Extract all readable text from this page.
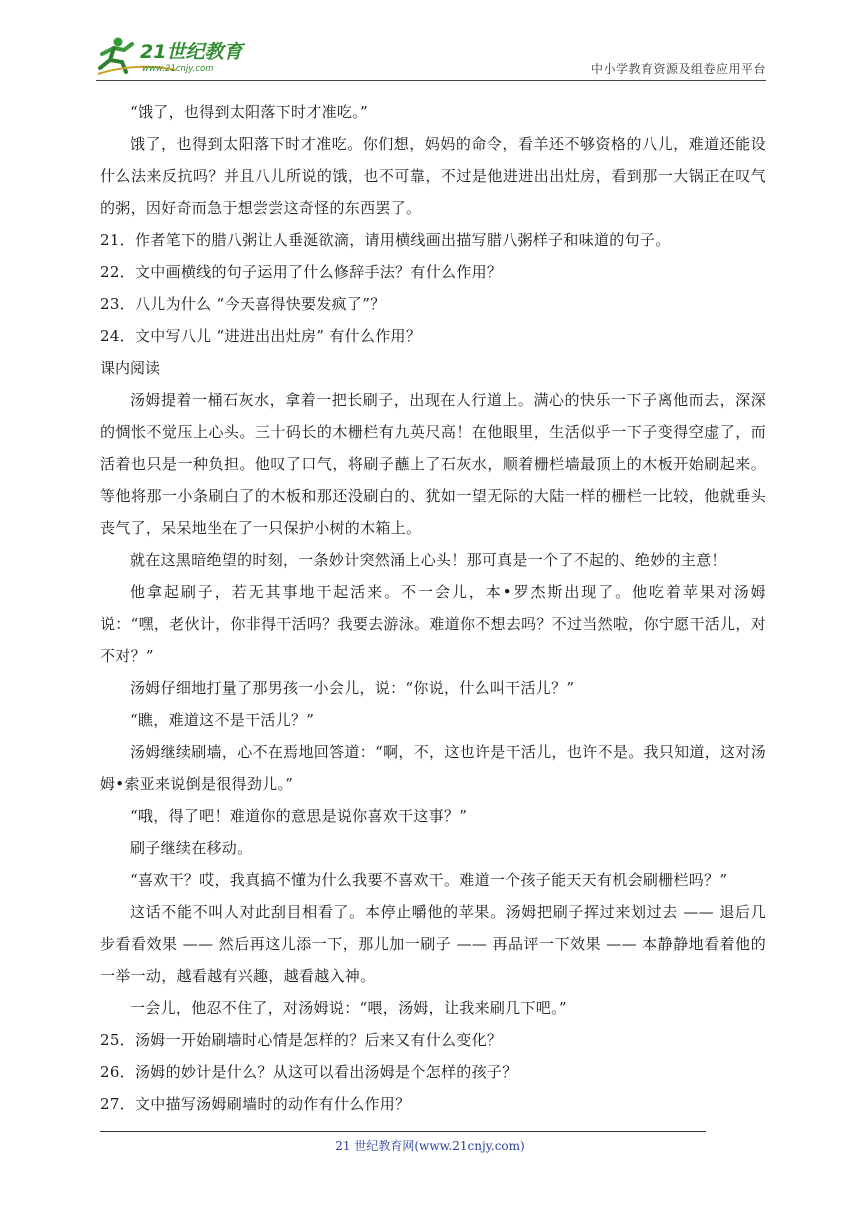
21世纪教育
www.21cnjy.com	中小学教育资源及组卷应用平台

“饿了，也得到太阳落下时才准吃。”

饿了，也得到太阳落下时才准吃。你们想，妈妈的命令，看羊还不够资格的八儿，难道还能设什么法来反抗吗？并且八儿所说的饿，也不可靠，不过是他进进出出灶房，看到那一大锅正在叹气的粥，因好奇而急于想尝尝这奇怪的东西罢了。

21．作者笔下的腊八粥让人垂涎欲滴，请用横线画出描写腊八粥样子和味道的句子。

22．文中画横线的句子运用了什么修辞手法？有什么作用？

23．八儿为什么 “今天喜得快要发疯了”？

24．文中写八儿 “进进出出灶房” 有什么作用？

课内阅读

汤姆提着一桶石灰水，拿着一把长刷子，出现在人行道上。满心的快乐一下子离他而去，深深的惆怅不觉压上心头。三十码长的木栅栏有九英尺高！在他眼里，生活似乎一下子变得空虚了，而活着也只是一种负担。他叹了口气，将刷子蘸上了石灰水，顺着栅栏墙最顶上的木板开始刷起来。等他将那一小条刷白了的木板和那还没刷白的、犹如一望无际的大陆一样的栅栏一比较，他就垂头丧气了，呆呆地坐在了一只保护小树的木箱上。

就在这黑暗绝望的时刻，一条妙计突然涌上心头！那可真是一个了不起的、绝妙的主意！

他拿起刷子，若无其事地干起活来。不一会儿，本•罗杰斯出现了。他吃着苹果对汤姆说：“嘿，老伙计，你非得干活吗？我要去游泳。难道你不想去吗？不过当然啦，你宁愿干活儿，对不对？”

汤姆仔细地打量了那男孩一小会儿，说：“你说，什么叫干活儿？”

“瞧，难道这不是干活儿？”

汤姆继续刷墙，心不在焉地回答道：“啊，不，这也许是干活儿，也许不是。我只知道，这对汤姆•索亚来说倒是很得劲儿。”

“哦，得了吧！难道你的意思是说你喜欢干这事？”

刷子继续在移动。

“喜欢干？哎，我真搞不懂为什么我要不喜欢干。难道一个孩子能天天有机会刷栅栏吗？”

这话不能不叫人对此刮目相看了。本停止嚼他的苹果。汤姆把刷子挥过来划过去 —— 退后几步看看效果 —— 然后再这儿添一下，那儿加一刷子 —— 再品评一下效果 —— 本静静地看着他的一举一动，越看越有兴趣，越看越入神。

一会儿，他忍不住了，对汤姆说：“喂，汤姆，让我来刷几下吧。”

25．汤姆一开始刷墙时心情是怎样的？后来又有什么变化？

26．汤姆的妙计是什么？从这可以看出汤姆是个怎样的孩子？

27．文中描写汤姆刷墙时的动作有什么作用？

21 世纪教育网(www.21cnjy.com)
